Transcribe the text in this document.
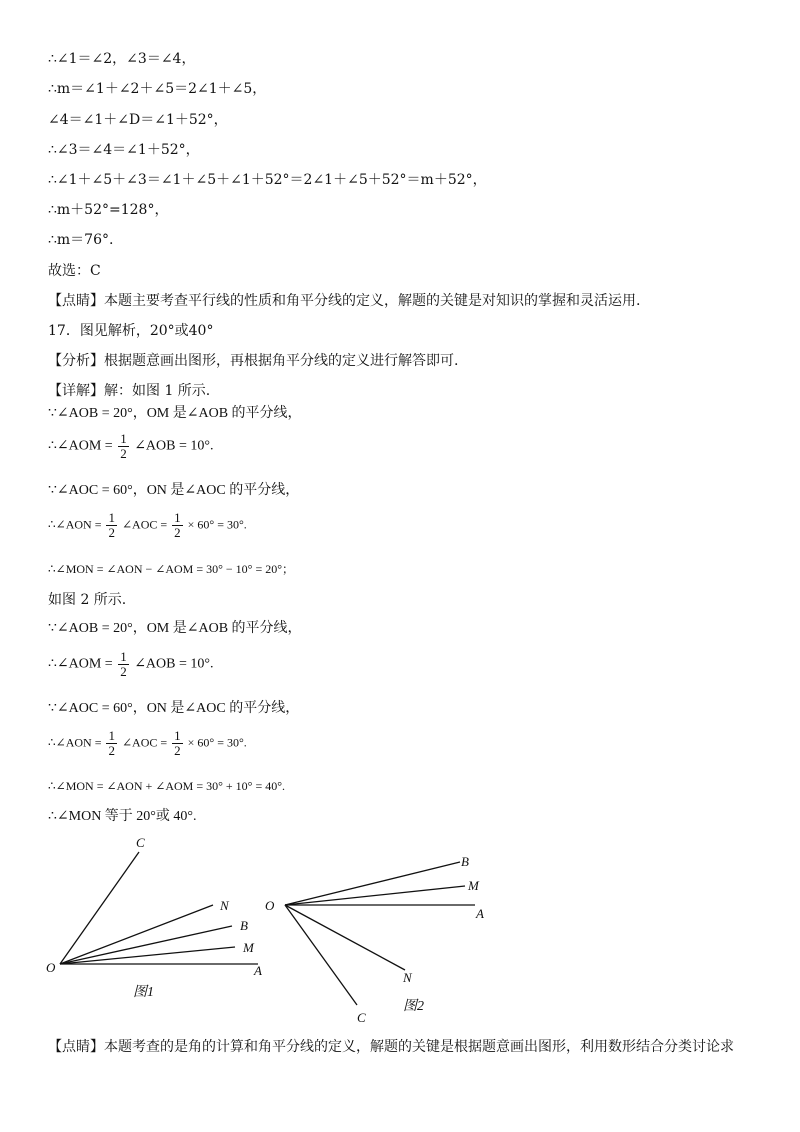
∴∠1＝∠2，∠3＝∠4，
∴m＝∠1＋∠2＋∠5＝2∠1＋∠5，
∠4＝∠1＋∠D＝∠1＋52°，
∴∠3＝∠4＝∠1＋52°，
∴∠1＋∠5＋∠3＝∠1＋∠5＋∠1＋52°＝2∠1＋∠5＋52°＝m＋52°，
∴m＋52°=128°，
∴m＝76°.
故选：C
【点睛】本题主要考查平行线的性质和角平分线的定义，解题的关键是对知识的掌握和灵活运用.
17．图见解析，20°或40°
【分析】根据题意画出图形，再根据角平分线的定义进行解答即可.
【详解】解：如图 1 所示.
∵∠AOB = 20°，OM 是∠AOB 的平分线，
∴∠AOM = $\frac{1}{2}$ ∠AOB = 10°.
∵∠AOC = 60°，ON 是∠AOC 的平分线，
∴∠AON = $\frac{1}{2}$ ∠AOC = $\frac{1}{2} \times 60^\circ = 30^\circ$.
∴∠MON = ∠AON − ∠AOM = 30° − 10° = 20°；
如图 2 所示.
∵∠AOB = 20°，OM 是∠AOB 的平分线，
∴∠AOM = $\frac{1}{2}$ ∠AOB = 10°.
∵∠AOC = 60°，ON 是∠AOC 的平分线，
∴∠AON = $\frac{1}{2}$ ∠AOC = $\frac{1}{2} \times 60^\circ = 30^\circ$.
∴∠MON = ∠AON + ∠AOM = 30° + 10° = 40°.
∴∠MON 等于 20°或 40°.
【点睛】本题考查的是角的计算和角平分线的定义，解题的关键是根据题意画出图形，利用数形结合分类讨论求
O	A
M
B
N
C
图1
O
B
M
A
N
C
图2
